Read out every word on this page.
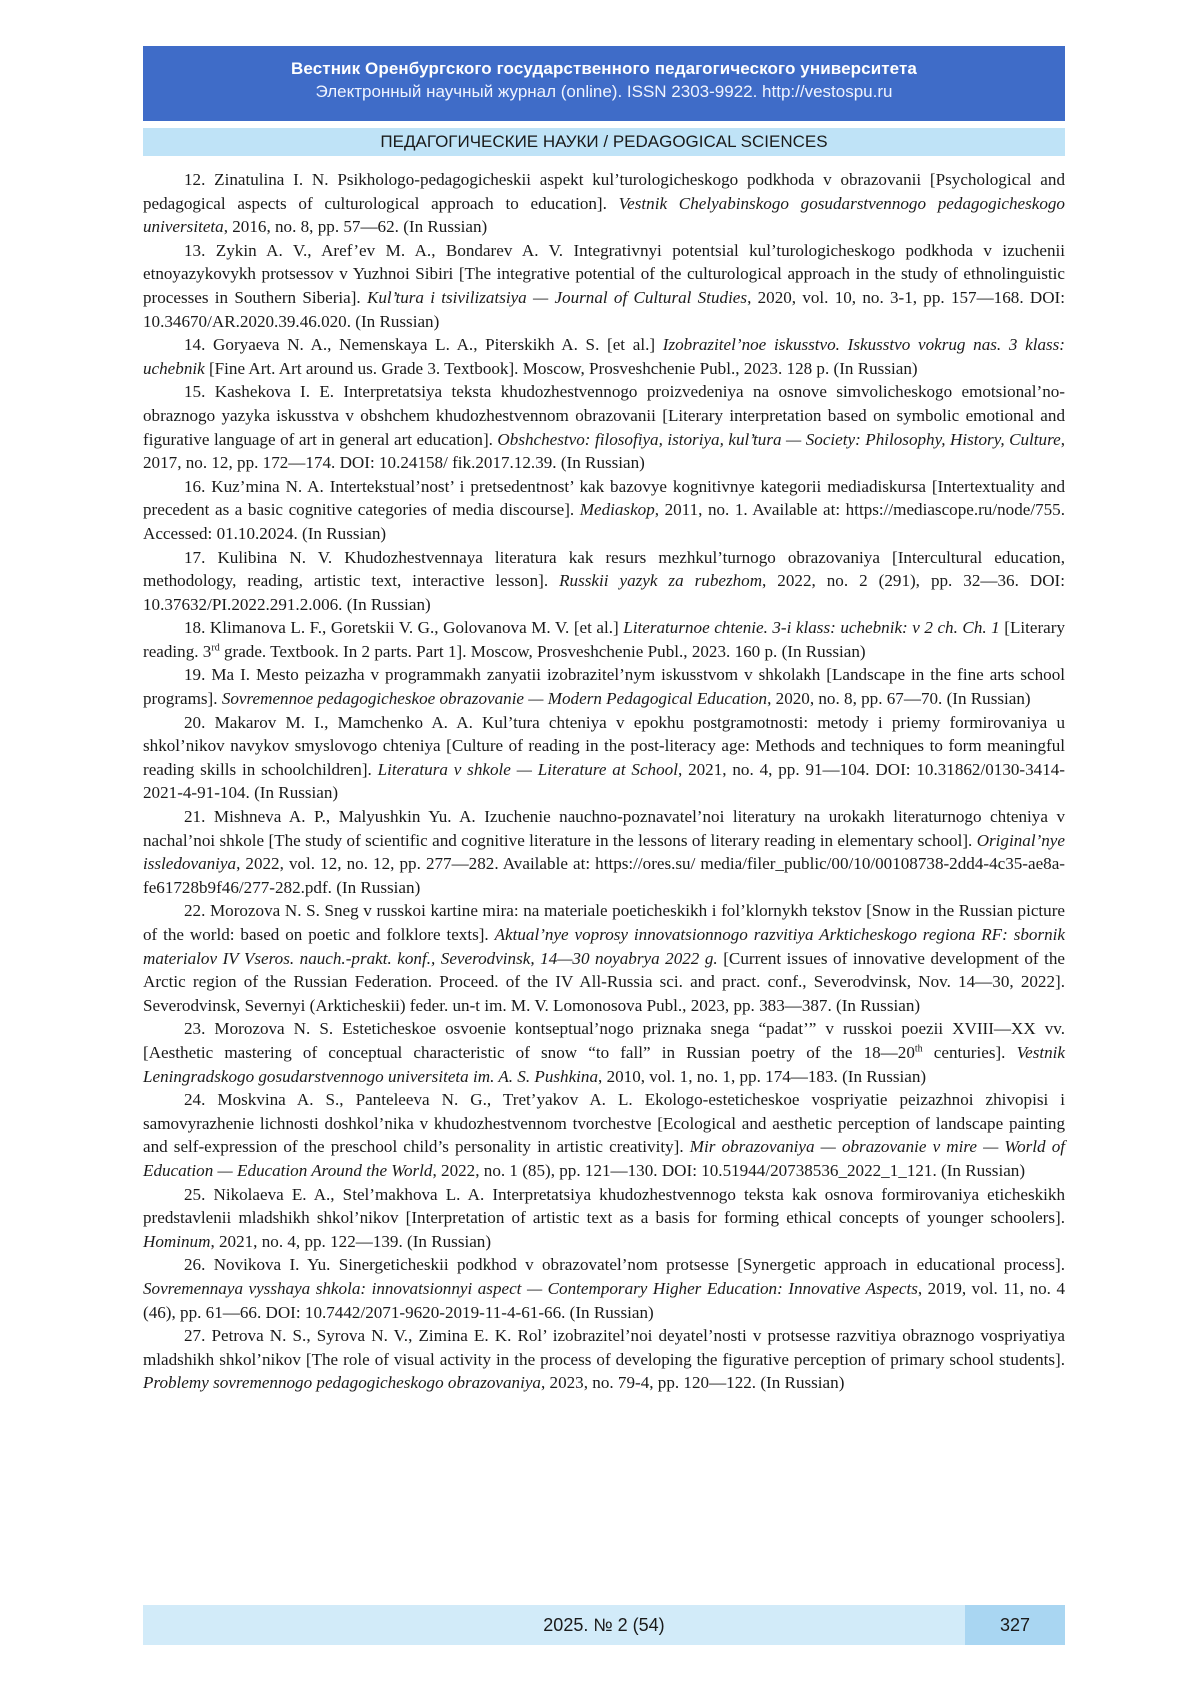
Вестник Оренбургского государственного педагогического университета
Электронный научный журнал (online). ISSN 2303-9922. http://vestospu.ru
ПЕДАГОГИЧЕСКИЕ НАУКИ / PEDAGOGICAL SCIENCES

12. Zinatulina I. N. Psikhologo-pedagogicheskii aspekt kul’turologicheskogo podkhoda v obrazovanii [Psychological and pedagogical aspects of culturological approach to education]. Vestnik Chelyabinskogo gosudarstvennogo pedagogicheskogo universiteta, 2016, no. 8, pp. 57—62. (In Russian)

13. Zykin A. V., Aref’ev M. A., Bondarev A. V. Integrativnyi potentsial kul’turologicheskogo podkhoda v izuchenii etnoyazykovykh protsessov v Yuzhnoi Sibiri [The integrative potential of the culturological approach in the study of ethnolinguistic processes in Southern Siberia]. Kul’tura i tsivilizatsiya — Journal of Cultural Studies, 2020, vol. 10, no. 3-1, pp. 157—168. DOI: 10.34670/AR.2020.39.46.020. (In Russian)

14. Goryaeva N. A., Nemenskaya L. A., Piterskikh A. S. [et al.] Izobrazitel’noe iskusstvo. Iskusstvo vokrug nas. 3 klass: uchebnik [Fine Art. Art around us. Grade 3. Textbook]. Moscow, Prosveshchenie Publ., 2023. 128 p. (In Russian)

15. Kashekova I. E. Interpretatsiya teksta khudozhestvennogo proizvedeniya na osnove simvolicheskogo emotsional’no-obraznogo yazyka iskusstva v obshchem khudozhestvennom obrazovanii [Literary interpretation based on symbolic emotional and figurative language of art in general art education]. Obshchestvo: filosofiya, istoriya, kul’tura — Society: Philosophy, History, Culture, 2017, no. 12, pp. 172—174. DOI: 10.24158/ fik.2017.12.39. (In Russian)

16. Kuz’mina N. A. Intertekstual’nost’ i pretsedentnost’ kak bazovye kognitivnye kategorii mediadiskursa [Intertextuality and precedent as a basic cognitive categories of media discourse]. Mediaskop, 2011, no. 1. Available at: https://mediascope.ru/node/755. Accessed: 01.10.2024. (In Russian)

17. Kulibina N. V. Khudozhestvennaya literatura kak resurs mezhkul’turnogo obrazovaniya [Intercultural education, methodology, reading, artistic text, interactive lesson]. Russkii yazyk za rubezhom, 2022, no. 2 (291), pp. 32—36. DOI: 10.37632/PI.2022.291.2.006. (In Russian)

18. Klimanova L. F., Goretskii V. G., Golovanova M. V. [et al.] Literaturnoe chtenie. 3-i klass: uchebnik: v 2 ch. Ch. 1 [Literary reading. 3rd grade. Textbook. In 2 parts. Part 1]. Moscow, Prosveshchenie Publ., 2023. 160 p. (In Russian)

19. Ma I. Mesto peizazha v programmakh zanyatii izobrazitel’nym iskusstvom v shkolakh [Landscape in the fine arts school programs]. Sovremennoe pedagogicheskoe obrazovanie — Modern Pedagogical Education, 2020, no. 8, pp. 67—70. (In Russian)

20. Makarov M. I., Mamchenko A. A. Kul’tura chteniya v epokhu postgramotnosti: metody i priemy formirovaniya u shkol’nikov navykov smyslovogo chteniya [Culture of reading in the post-literacy age: Methods and techniques to form meaningful reading skills in schoolchildren]. Literatura v shkole — Literature at School, 2021, no. 4, pp. 91—104. DOI: 10.31862/0130-3414-2021-4-91-104. (In Russian)

21. Mishneva A. P., Malyushkin Yu. A. Izuchenie nauchno-poznavatel’noi literatury na urokakh literaturnogo chteniya v nachal’noi shkole [The study of scientific and cognitive literature in the lessons of literary reading in elementary school]. Original’nye issledovaniya, 2022, vol. 12, no. 12, pp. 277—282. Available at: https://ores.su/ media/filer_public/00/10/00108738-2dd4-4c35-ae8a-fe61728b9f46/277-282.pdf. (In Russian)

22. Morozova N. S. Sneg v russkoi kartine mira: na materiale poeticheskikh i fol’klornykh tekstov [Snow in the Russian picture of the world: based on poetic and folklore texts]. Aktual’nye voprosy innovatsionnogo razvitiya Arkticheskogo regiona RF: sbornik materialov IV Vseros. nauch.-prakt. konf., Severodvinsk, 14—30 noyabrya 2022 g. [Current issues of innovative development of the Arctic region of the Russian Federation. Proceed. of the IV All-Russia sci. and pract. conf., Severodvinsk, Nov. 14—30, 2022]. Severodvinsk, Severnyi (Arkticheskii) feder. un-t im. M. V. Lomonosova Publ., 2023, pp. 383—387. (In Russian)

23. Morozova N. S. Esteticheskoe osvoenie kontseptual’nogo priznaka snega “padat’” v russkoi poezii XVIII—XX vv. [Aesthetic mastering of conceptual characteristic of snow “to fall” in Russian poetry of the 18—20th centuries]. Vestnik Leningradskogo gosudarstvennogo universiteta im. A. S. Pushkina, 2010, vol. 1, no. 1, pp. 174—183. (In Russian)

24. Moskvina A. S., Panteleeva N. G., Tret’yakov A. L. Ekologo-esteticheskoe vospriyatie peizazhnoi zhivopisi i samovyrazhenie lichnosti doshkol’nika v khudozhestvennom tvorchestve [Ecological and aesthetic perception of landscape painting and self-expression of the preschool child’s personality in artistic creativity]. Mir obrazovaniya — obrazovanie v mire — World of Education — Education Around the World, 2022, no. 1 (85), pp. 121—130. DOI: 10.51944/20738536_2022_1_121. (In Russian)

25. Nikolaeva E. A., Stel’makhova L. A. Interpretatsiya khudozhestvennogo teksta kak osnova formirovaniya eticheskikh predstavlenii mladshikh shkol’nikov [Interpretation of artistic text as a basis for forming ethical concepts of younger schoolers]. Hominum, 2021, no. 4, pp. 122—139. (In Russian)

26. Novikova I. Yu. Sinergeticheskii podkhod v obrazovatel’nom protsesse [Synergetic approach in educational process]. Sovremennaya vysshaya shkola: innovatsionnyi aspect — Contemporary Higher Education: Innovative Aspects, 2019, vol. 11, no. 4 (46), pp. 61—66. DOI: 10.7442/2071-9620-2019-11-4-61-66. (In Russian)

27. Petrova N. S., Syrova N. V., Zimina E. K. Rol’ izobrazitel’noi deyatel’nosti v protsesse razvitiya obraznogo vospriyatiya mladshikh shkol’nikov [The role of visual activity in the process of developing the figurative perception of primary school students]. Problemy sovremennogo pedagogicheskogo obrazovaniya, 2023, no. 79-4, pp. 120—122. (In Russian)

2025. № 2 (54)	327
